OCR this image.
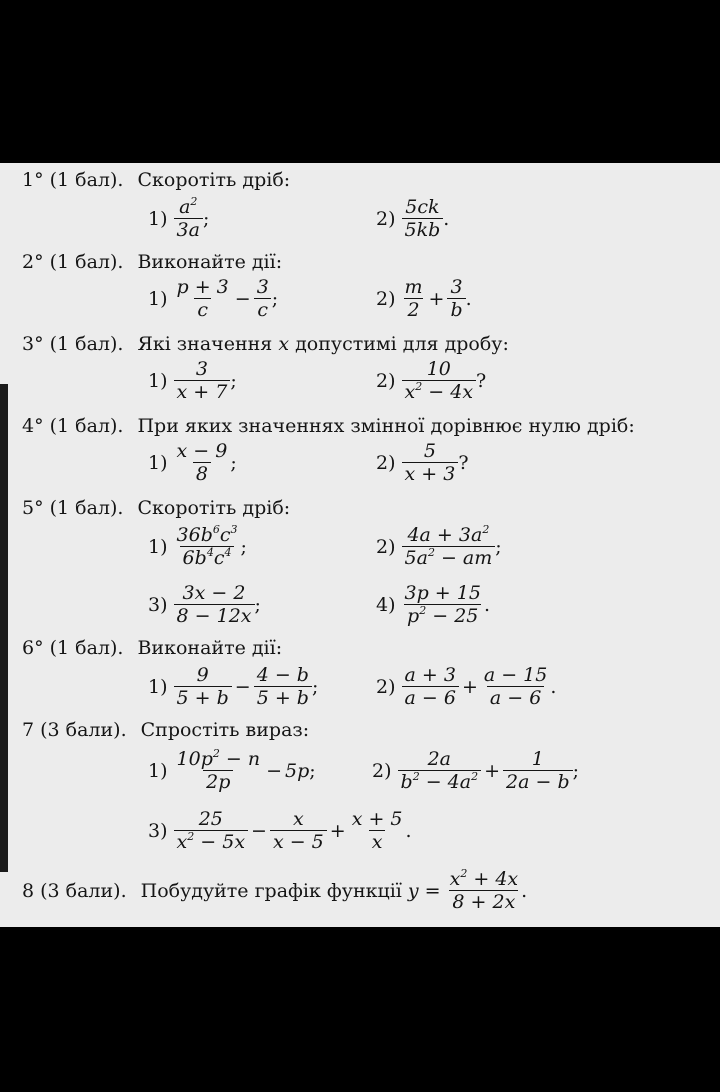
1° (1 бал). Скоротіть дріб:
$1) \frac{a^2}{3a}$ ;	$2) \frac{5ck}{5kb}$ .
2° (1 бал). Виконайте дії:
$1) \frac{p + 3}{c} - \frac{3}{c}$ ;	$2) \frac{m}{2} + \frac{3}{b}$ .
3° (1 бал). Які значення x допустимі для дробу:
$1) \frac{3}{x + 7}$ ;	$2) \frac{10}{x^2 - 4x}$ ?
4° (1 бал). При яких значеннях змінної дорівнює нулю дріб:
$1) \frac{x - 9}{8}$ ;	$2) \frac{5}{x + 3}$ ?
5° (1 бал). Скоротіть дріб:
$1) \frac{36b^6c^3}{6b^4c^4}$ ;	$2) \frac{4a + 3a^2}{5a^2 - am}$ ;
$3) \frac{3x - 2}{8 - 12x}$ ;	$4) \frac{3p + 15}{p^2 - 25}$ .
6° (1 бал). Виконайте дії:
$1) \frac{9}{5 + b} - \frac{4 - b}{5 + b}$ ;	$2) \frac{a + 3}{a - 6} + \frac{a - 15}{a - 6}$ .
7 (3 бали). Спростіть вираз:
$1) \frac{10p^2 - n}{2p} - 5p$ ;	$2) \frac{2a}{b^2 - 4a^2} + \frac{1}{2a - b}$ ;
$3) \frac{25}{x^2 - 5x} - \frac{x}{x - 5} + \frac{x + 5}{x}$ .
8 (3 бали). Побудуйте графік функції $y = \frac{x^2 + 4x}{8 + 2x}$ .
